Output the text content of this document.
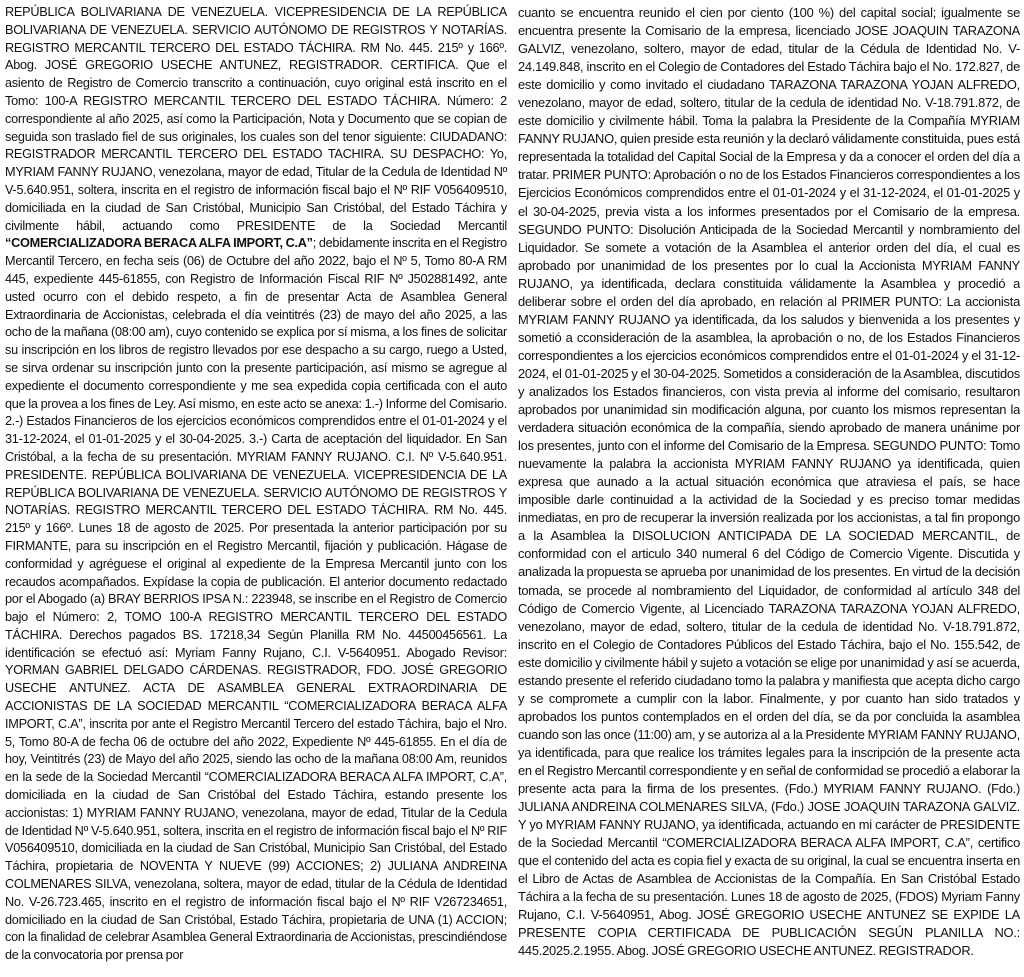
REPÚBLICA BOLIVARIANA DE VENEZUELA. VICEPRESIDENCIA DE LA REPÚBLICA BOLIVARIANA DE VENEZUELA. SERVICIO AUTÓNOMO DE REGISTROS Y NOTARÍAS. REGISTRO MERCANTIL TERCERO DEL ESTADO TÁCHIRA. RM No. 445. 215º y 166º. Abog. JOSÉ GREGORIO USECHE ANTUNEZ, REGISTRADOR. CERTIFICA. Que el asiento de Registro de Comercio transcrito a continuación, cuyo original está inscrito en el Tomo: 100-A REGISTRO MERCANTIL TERCERO DEL ESTADO TÁCHIRA. Número: 2 correspondiente al año 2025, así como la Participación, Nota y Documento que se copian de seguida son traslado fiel de sus originales, los cuales son del tenor siguiente: CIUDADANO: REGISTRADOR MERCANTIL TERCERO DEL ESTADO TACHIRA. SU DESPACHO: Yo, MYRIAM FANNY RUJANO, venezolana, mayor de edad, Titular de la Cedula de Identidad Nº V-5.640.951, soltera, inscrita en el registro de información fiscal bajo el Nº RIF V056409510, domiciliada en la ciudad de San Cristóbal, Municipio San Cristóbal, del Estado Táchira y civilmente hábil, actuando como PRESIDENTE de la Sociedad Mercantil “COMERCIALIZADORA BERACA ALFA IMPORT, C.A”; debidamente inscrita en el Registro Mercantil Tercero, en fecha seis (06) de Octubre del año 2022, bajo el Nº 5, Tomo 80-A RM 445, expediente 445-61855, con Registro de Información Fiscal RIF Nº J502881492, ante usted ocurro con el debido respeto, a fin de presentar Acta de Asamblea General Extraordinaria de Accionistas, celebrada el día veintitrés (23) de mayo del año 2025, a las ocho de la mañana (08:00 am), cuyo contenido se explica por sí misma, a los fines de solicitar su inscripción en los libros de registro llevados por ese despacho a su cargo, ruego a Usted, se sirva ordenar su inscripción junto con la presente participación, así mismo se agregue al expediente el documento correspondiente y me sea expedida copia certificada con el auto que la provea a los fines de Ley. Así mismo, en este acto se anexa: 1.-) Informe del Comisario. 2.-) Estados Financieros de los ejercicios económicos comprendidos entre el 01-01-2024 y el 31-12-2024, el 01-01-2025 y el 30-04-2025. 3.-) Carta de aceptación del liquidador. En San Cristóbal, a la fecha de su presentación. MYRIAM FANNY RUJANO. C.I. Nº V-5.640.951. PRESIDENTE. REPÚBLICA BOLIVARIANA DE VENEZUELA. VICEPRESIDENCIA DE LA REPÚBLICA BOLIVARIANA DE VENEZUELA. SERVICIO AUTÓNOMO DE REGISTROS Y NOTARÍAS. REGISTRO MERCANTIL TERCERO DEL ESTADO TÁCHIRA. RM No. 445. 215º y 166º. Lunes 18 de agosto de 2025. Por presentada la anterior participación por su FIRMANTE, para su inscripción en el Registro Mercantil, fijación y publicación. Hágase de conformidad y agréguese el original al expediente de la Empresa Mercantil junto con los recaudos acompañados. Expídase la copia de publicación. El anterior documento redactado por el Abogado (a) BRAY BERRIOS IPSA N.: 223948, se inscribe en el Registro de Comercio bajo el Número: 2, TOMO 100-A REGISTRO MERCANTIL TERCERO DEL ESTADO TÁCHIRA. Derechos pagados BS. 17218,34 Según Planilla RM No. 44500456561. La identificación se efectuó así: Myriam Fanny Rujano, C.I. V-5640951. Abogado Revisor: YORMAN GABRIEL DELGADO CÁRDENAS. REGISTRADOR, FDO. JOSÉ GREGORIO USECHE ANTUNEZ. ACTA DE ASAMBLEA GENERAL EXTRAORDINARIA DE ACCIONISTAS DE LA SOCIEDAD MERCANTIL “COMERCIALIZADORA BERACA ALFA IMPORT, C.A”, inscrita por ante el Registro Mercantil Tercero del estado Táchira, bajo el Nro. 5, Tomo 80-A de fecha 06 de octubre del año 2022, Expediente Nº 445-61855. En el día de hoy, Veintitrés (23) de Mayo del año 2025, siendo las ocho de la mañana 08:00 Am, reunidos en la sede de la Sociedad Mercantil “COMERCIALIZADORA BERACA ALFA IMPORT, C.A”, domiciliada en la ciudad de San Cristóbal del Estado Táchira, estando presente los accionistas: 1) MYRIAM FANNY RUJANO, venezolana, mayor de edad, Titular de la Cedula de Identidad Nº V-5.640.951, soltera, inscrita en el registro de información fiscal bajo el Nº RIF V056409510, domiciliada en la ciudad de San Cristóbal, Municipio San Cristóbal, del Estado Táchira, propietaria de NOVENTA Y NUEVE (99) ACCIONES; 2) JULIANA ANDREINA COLMENARES SILVA, venezolana, soltera, mayor de edad, titular de la Cédula de Identidad No. V-26.723.465, inscrito en el registro de información fiscal bajo el Nº RIF V267234651, domiciliado en la ciudad de San Cristóbal, Estado Táchira, propietaria de UNA (1) ACCION; con la finalidad de celebrar Asamblea General Extraordinaria de Accionistas, prescindiéndose de la convocatoria por prensa por

cuanto se encuentra reunido el cien por ciento (100 %) del capital social; igualmente se encuentra presente la Comisario de la empresa, licenciado JOSE JOAQUIN TARAZONA GALVIZ, venezolano, soltero, mayor de edad, titular de la Cédula de Identidad No. V-24.149.848, inscrito en el Colegio de Contadores del Estado Táchira bajo el No. 172.827, de este domicilio y como invitado el ciudadano TARAZONA TARAZONA YOJAN ALFREDO, venezolano, mayor de edad, soltero, titular de la cedula de identidad No. V-18.791.872, de este domicilio y civilmente hábil. Toma la palabra la Presidente de la Compañía MYRIAM FANNY RUJANO, quien preside esta reunión y la declaró válidamente constituida, pues está representada la totalidad del Capital Social de la Empresa y da a conocer el orden del día a tratar. PRIMER PUNTO: Aprobación o no de los Estados Financieros correspondientes a los Ejercicios Económicos comprendidos entre el 01-01-2024 y el 31-12-2024, el 01-01-2025 y el 30-04-2025, previa vista a los informes presentados por el Comisario de la empresa. SEGUNDO PUNTO: Disolución Anticipada de la Sociedad Mercantil y nombramiento del Liquidador. Se somete a votación de la Asamblea el anterior orden del día, el cual es aprobado por unanimidad de los presentes por lo cual la Accionista MYRIAM FANNY RUJANO, ya identificada, declara constituida válidamente la Asamblea y procedió a deliberar sobre el orden del día aprobado, en relación al PRIMER PUNTO: La accionista MYRIAM FANNY RUJANO ya identificada, da los saludos y bienvenida a los presentes y sometió a cconsideración de la asamblea, la aprobación o no, de los Estados Financieros correspondientes a los ejercicios económicos comprendidos entre el 01-01-2024 y el 31-12-2024, el 01-01-2025 y el 30-04-2025. Sometidos a consideración de la Asamblea, discutidos y analizados los Estados financieros, con vista previa al informe del comisario, resultaron aprobados por unanimidad sin modificación alguna, por cuanto los mismos representan la verdadera situación económica de la compañía, siendo aprobado de manera unánime por los presentes, junto con el informe del Comisario de la Empresa. SEGUNDO PUNTO: Tomo nuevamente la palabra la accionista MYRIAM FANNY RUJANO ya identificada, quien expresa que aunado a la actual situación económica que atraviesa el país, se hace imposible darle continuidad a la actividad de la Sociedad y es preciso tomar medidas inmediatas, en pro de recuperar la inversión realizada por los accionistas, a tal fin propongo a la Asamblea la DISOLUCION ANTICIPADA DE LA SOCIEDAD MERCANTIL, de conformidad con el articulo 340 numeral 6 del Código de Comercio Vigente. Discutida y analizada la propuesta se aprueba por unanimidad de los presentes. En virtud de la decisión tomada, se procede al nombramiento del Liquidador, de conformidad al artículo 348 del Código de Comercio Vigente, al Licenciado TARAZONA TARAZONA YOJAN ALFREDO, venezolano, mayor de edad, soltero, titular de la cedula de identidad No. V-18.791.872, inscrito en el Colegio de Contadores Públicos del Estado Táchira, bajo el No. 155.542, de este domicilio y civilmente hábil y sujeto a votación se elige por unanimidad y así se acuerda, estando presente el referido ciudadano tomo la palabra y manifiesta que acepta dicho cargo y se compromete a cumplir con la labor. Finalmente, y por cuanto han sido tratados y aprobados los puntos contemplados en el orden del día, se da por concluida la asamblea cuando son las once (11:00) am, y se autoriza al a la Presidente MYRIAM FANNY RUJANO, ya identificada, para que realice los trámites legales para la inscripción de la presente acta en el Registro Mercantil correspondiente y en señal de conformidad se procedió a elaborar la presente acta para la firma de los presentes. (Fdo.) MYRIAM FANNY RUJANO. (Fdo.) JULIANA ANDREINA COLMENARES SILVA, (Fdo.) JOSE JOAQUIN TARAZONA GALVIZ. Y yo MYRIAM FANNY RUJANO, ya identificada, actuando en mi carácter de PRESIDENTE de la Sociedad Mercantil “COMERCIALIZADORA BERACA ALFA IMPORT, C.A”, certifico que el contenido del acta es copia fiel y exacta de su original, la cual se encuentra inserta en el Libro de Actas de Asamblea de Accionistas de la Compañía. En San Cristóbal Estado Táchira a la fecha de su presentación. Lunes 18 de agosto de 2025, (FDOS) Myriam Fanny Rujano, C.I. V-5640951, Abog. JOSÉ GREGORIO USECHE ANTUNEZ SE EXPIDE LA PRESENTE COPIA CERTIFICADA DE PUBLICACIÓN SEGÚN PLANILLA NO.: 445.2025.2.1955. Abog. JOSÉ GREGORIO USECHE ANTUNEZ. REGISTRADOR.
